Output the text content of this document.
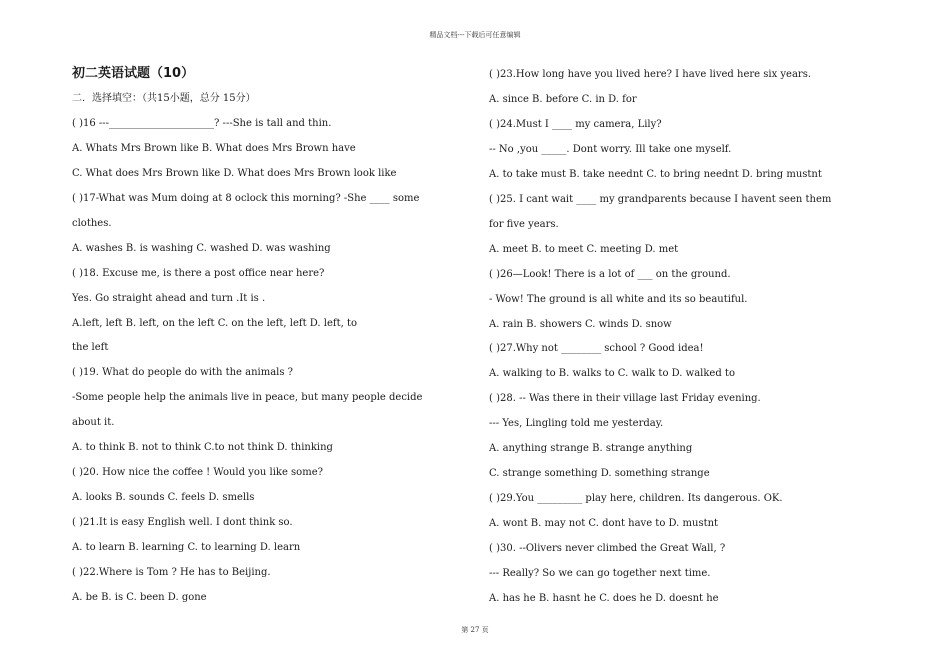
精品文档---下载后可任意编辑
初二英语试题（10）
二．选择填空：（共15小题，总分 15分）
( )16 ---_____________________? ---She is tall and thin.
A. Whats Mrs Brown like B. What does Mrs Brown have
C. What does Mrs Brown like D. What does Mrs Brown look like
( )17-What was Mum doing at 8 oclock this morning? -She ____ some
clothes.
A. washes B. is washing C. washed D. was washing
( )18. Excuse me, is there a post office near here?
Yes. Go straight ahead and turn .It is .
A.left, left B. left, on the left C. on the left, left D. left, to
the left
( )19. What do people do with the animals ?
-Some people help the animals live in peace, but many people decide
about it.
A. to think B. not to think C.to not think D. thinking
( )20. How nice the coffee ! Would you like some?
A. looks B. sounds C. feels D. smells
( )21.It is easy English well. I dont think so.
A. to learn B. learning C. to learning D. learn
( )22.Where is Tom ? He has to Beijing.
A. be B. is C. been D. gone
( )23.How long have you lived here? I have lived here six years.
A. since B. before C. in D. for
( )24.Must I ____ my camera, Lily?
-- No ,you _____. Dont worry. Ill take one myself.
A. to take must B. take neednt C. to bring neednt D. bring mustnt
( )25. I cant wait ____ my grandparents because I havent seen them
for five years.
A. meet B. to meet C. meeting D. met
( )26—Look! There is a lot of ___ on the ground.
- Wow! The ground is all white and its so beautiful.
A. rain B. showers C. winds D. snow
( )27.Why not ________ school ? Good idea!
A. walking to B. walks to C. walk to D. walked to
( )28. -- Was there in their village last Friday evening.
--- Yes, Lingling told me yesterday.
A. anything strange B. strange anything
C. strange something D. something strange
( )29.You _________ play here, children. Its dangerous. OK.
A. wont B. may not C. dont have to D. mustnt
( )30. --Olivers never climbed the Great Wall, ?
--- Really? So we can go together next time.
A. has he B. hasnt he C. does he D. doesnt he
第 27 页
